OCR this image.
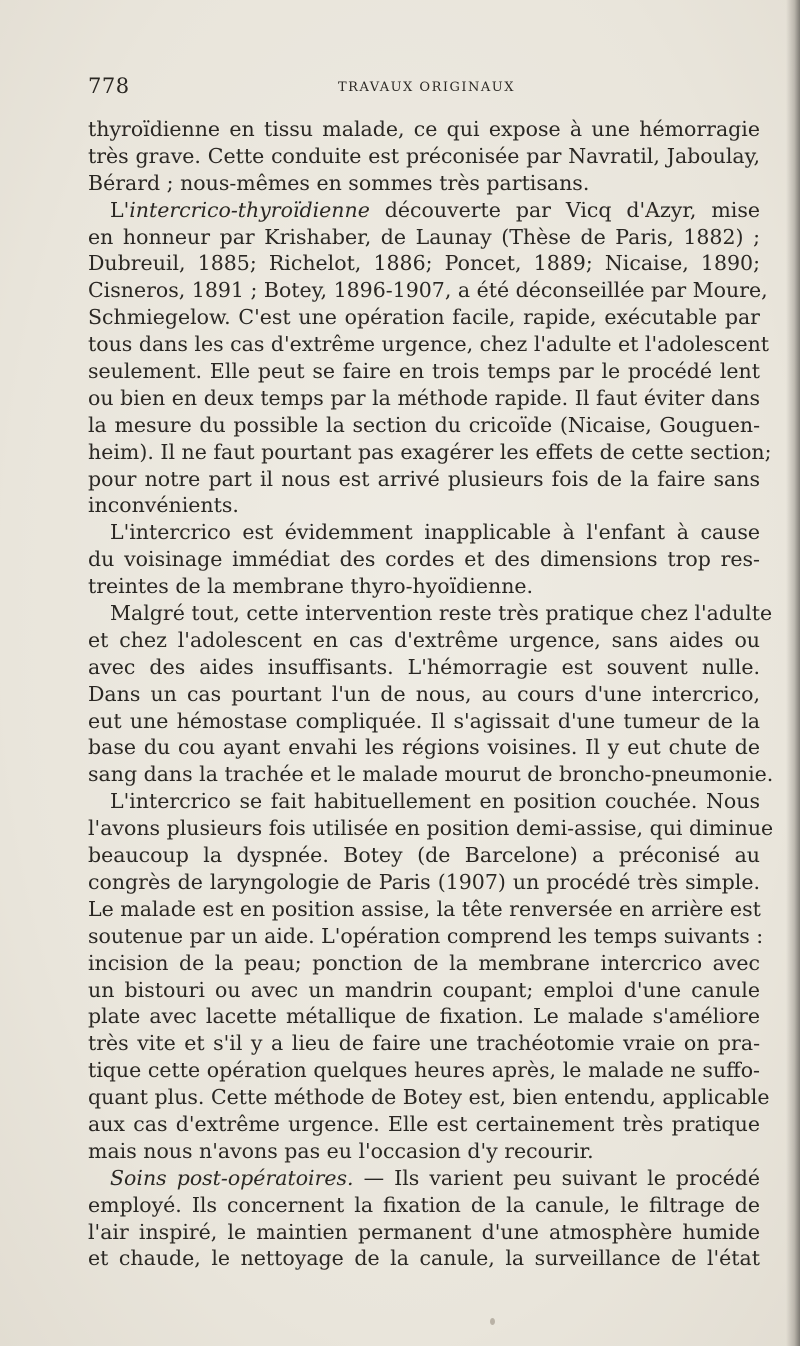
778	TRAVAUX ORIGINAUX
thyroïdienne en tissu malade, ce qui expose à une hémorragie
très grave. Cette conduite est préconisée par Navratil, Jaboulay,
Bérard ; nous-mêmes en sommes très partisans.
L'intercrico-thyroïdienne découverte par Vicq d'Azyr, mise
en honneur par Krishaber, de Launay (Thèse de Paris, 1882) ;
Dubreuil, 1885; Richelot, 1886; Poncet, 1889; Nicaise, 1890;
Cisneros, 1891 ; Botey, 1896-1907, a été déconseillée par Moure,
Schmiegelow. C'est une opération facile, rapide, exécutable par
tous dans les cas d'extrême urgence, chez l'adulte et l'adolescent
seulement. Elle peut se faire en trois temps par le procédé lent
ou bien en deux temps par la méthode rapide. Il faut éviter dans
la mesure du possible la section du cricoïde (Nicaise, Gouguen-
heim). Il ne faut pourtant pas exagérer les effets de cette section;
pour notre part il nous est arrivé plusieurs fois de la faire sans
inconvénients.
L'intercrico est évidemment inapplicable à l'enfant à cause
du voisinage immédiat des cordes et des dimensions trop res-
treintes de la membrane thyro-hyoïdienne.
Malgré tout, cette intervention reste très pratique chez l'adulte
et chez l'adolescent en cas d'extrême urgence, sans aides ou
avec des aides insuffisants. L'hémorragie est souvent nulle.
Dans un cas pourtant l'un de nous, au cours d'une intercrico,
eut une hémostase compliquée. Il s'agissait d'une tumeur de la
base du cou ayant envahi les régions voisines. Il y eut chute de
sang dans la trachée et le malade mourut de broncho-pneumonie.
L'intercrico se fait habituellement en position couchée. Nous
l'avons plusieurs fois utilisée en position demi-assise, qui diminue
beaucoup la dyspnée. Botey (de Barcelone) a préconisé au
congrès de laryngologie de Paris (1907) un procédé très simple.
Le malade est en position assise, la tête renversée en arrière est
soutenue par un aide. L'opération comprend les temps suivants :
incision de la peau; ponction de la membrane intercrico avec
un bistouri ou avec un mandrin coupant; emploi d'une canule
plate avec lacette métallique de fixation. Le malade s'améliore
très vite et s'il y a lieu de faire une trachéotomie vraie on pra-
tique cette opération quelques heures après, le malade ne suffo-
quant plus. Cette méthode de Botey est, bien entendu, applicable
aux cas d'extrême urgence. Elle est certainement très pratique
mais nous n'avons pas eu l'occasion d'y recourir.
Soins post-opératoires. — Ils varient peu suivant le procédé
employé. Ils concernent la fixation de la canule, le filtrage de
l'air inspiré, le maintien permanent d'une atmosphère humide
et chaude, le nettoyage de la canule, la surveillance de l'état
